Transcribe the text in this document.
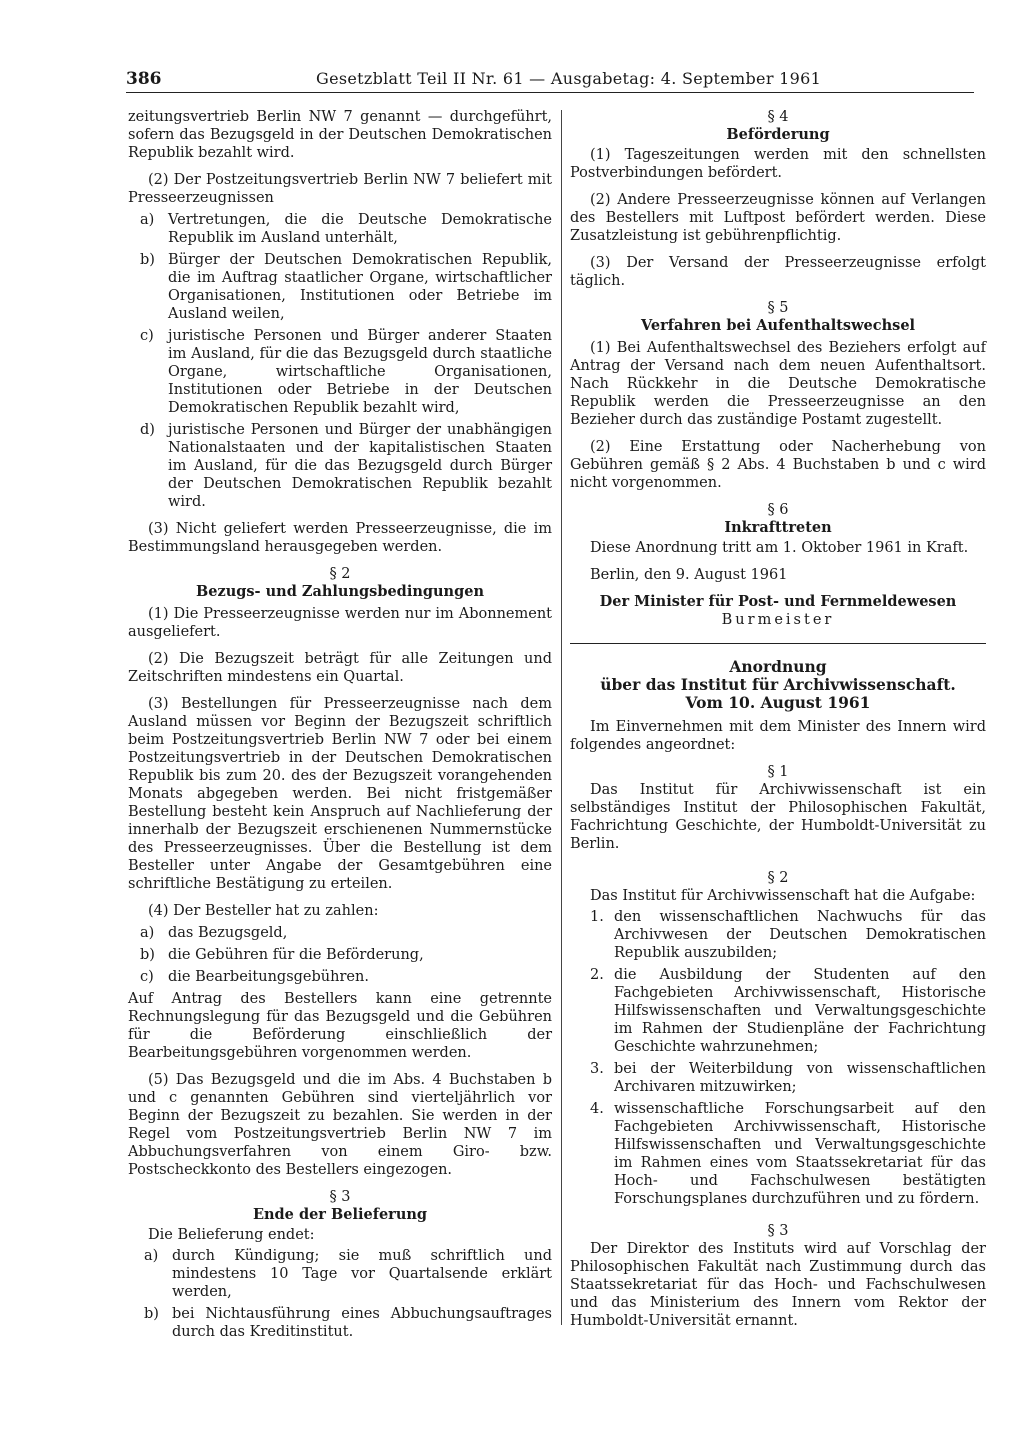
386	Gesetzblatt Teil II Nr. 61 — Ausgabetag: 4. September 1961

zeitungsvertrieb Berlin NW 7 genannt — durchgeführt, sofern das Bezugsgeld in der Deutschen Demokratischen Republik bezahlt wird.

(2) Der Postzeitungsvertrieb Berlin NW 7 beliefert mit Presseerzeugnissen

a) Vertretungen, die die Deutsche Demokratische Republik im Ausland unterhält,
b) Bürger der Deutschen Demokratischen Republik, die im Auftrag staatlicher Organe, wirtschaftlicher Organisationen, Institutionen oder Betriebe im Ausland weilen,
c) juristische Personen und Bürger anderer Staaten im Ausland, für die das Bezugsgeld durch staatliche Organe, wirtschaftliche Organisationen, Institutionen oder Betriebe in der Deutschen Demokratischen Republik bezahlt wird,
d) juristische Personen und Bürger der unabhängigen Nationalstaaten und der kapitalistischen Staaten im Ausland, für die das Bezugsgeld durch Bürger der Deutschen Demokratischen Republik bezahlt wird.

(3) Nicht geliefert werden Presseerzeugnisse, die im Bestimmungsland herausgegeben werden.

§ 2

Bezugs- und Zahlungsbedingungen

(1) Die Presseerzeugnisse werden nur im Abonnement ausgeliefert.

(2) Die Bezugszeit beträgt für alle Zeitungen und Zeitschriften mindestens ein Quartal.

(3) Bestellungen für Presseerzeugnisse nach dem Ausland müssen vor Beginn der Bezugszeit schriftlich beim Postzeitungsvertrieb Berlin NW 7 oder bei einem Postzeitungsvertrieb in der Deutschen Demokratischen Republik bis zum 20. des der Bezugszeit vorangehenden Monats abgegeben werden. Bei nicht fristgemäßer Bestellung besteht kein Anspruch auf Nachlieferung der innerhalb der Bezugszeit erschienenen Nummernstücke des Presseerzeugnisses. Über die Bestellung ist dem Besteller unter Angabe der Gesamtgebühren eine schriftliche Bestätigung zu erteilen.

(4) Der Besteller hat zu zahlen:

a) das Bezugsgeld,
b) die Gebühren für die Beförderung,
c) die Bearbeitungsgebühren.

Auf Antrag des Bestellers kann eine getrennte Rechnungslegung für das Bezugsgeld und die Gebühren für die Beförderung einschließlich der Bearbeitungsgebühren vorgenommen werden.

(5) Das Bezugsgeld und die im Abs. 4 Buchstaben b und c genannten Gebühren sind vierteljährlich vor Beginn der Bezugszeit zu bezahlen. Sie werden in der Regel vom Postzeitungsvertrieb Berlin NW 7 im Abbuchungsverfahren von einem Giro- bzw. Postscheckkonto des Bestellers eingezogen.

§ 3

Ende der Belieferung

Die Belieferung endet:

a) durch Kündigung; sie muß schriftlich und mindestens 10 Tage vor Quartalsende erklärt werden,
b) bei Nichtausführung eines Abbuchungsauftrages durch das Kreditinstitut.

§ 4

Beförderung

(1) Tageszeitungen werden mit den schnellsten Postverbindungen befördert.

(2) Andere Presseerzeugnisse können auf Verlangen des Bestellers mit Luftpost befördert werden. Diese Zusatzleistung ist gebührenpflichtig.

(3) Der Versand der Presseerzeugnisse erfolgt täglich.

§ 5

Verfahren bei Aufenthaltswechsel

(1) Bei Aufenthaltswechsel des Beziehers erfolgt auf Antrag der Versand nach dem neuen Aufenthaltsort. Nach Rückkehr in die Deutsche Demokratische Republik werden die Presseerzeugnisse an den Bezieher durch das zuständige Postamt zugestellt.

(2) Eine Erstattung oder Nacherhebung von Gebühren gemäß § 2 Abs. 4 Buchstaben b und c wird nicht vorgenommen.

§ 6

Inkrafttreten

Diese Anordnung tritt am 1. Oktober 1961 in Kraft.

Berlin, den 9. August 1961

Der Minister für Post- und Fernmeldewesen

Burmeister

Anordnung

über das Institut für Archivwissenschaft.

Vom 10. August 1961

Im Einvernehmen mit dem Minister des Innern wird folgendes angeordnet:

§ 1

Das Institut für Archivwissenschaft ist ein selbständiges Institut der Philosophischen Fakultät, Fachrichtung Geschichte, der Humboldt-Universität zu Berlin.

§ 2

Das Institut für Archivwissenschaft hat die Aufgabe:

1. den wissenschaftlichen Nachwuchs für das Archivwesen der Deutschen Demokratischen Republik auszubilden;
2. die Ausbildung der Studenten auf den Fachgebieten Archivwissenschaft, Historische Hilfswissenschaften und Verwaltungsgeschichte im Rahmen der Studienpläne der Fachrichtung Geschichte wahrzunehmen;
3. bei der Weiterbildung von wissenschaftlichen Archivaren mitzuwirken;
4. wissenschaftliche Forschungsarbeit auf den Fachgebieten Archivwissenschaft, Historische Hilfswissenschaften und Verwaltungsgeschichte im Rahmen eines vom Staatssekretariat für das Hoch- und Fachschulwesen bestätigten Forschungsplanes durchzuführen und zu fördern.

§ 3

Der Direktor des Instituts wird auf Vorschlag der Philosophischen Fakultät nach Zustimmung durch das Staatssekretariat für das Hoch- und Fachschulwesen und das Ministerium des Innern vom Rektor der Humboldt-Universität ernannt.
